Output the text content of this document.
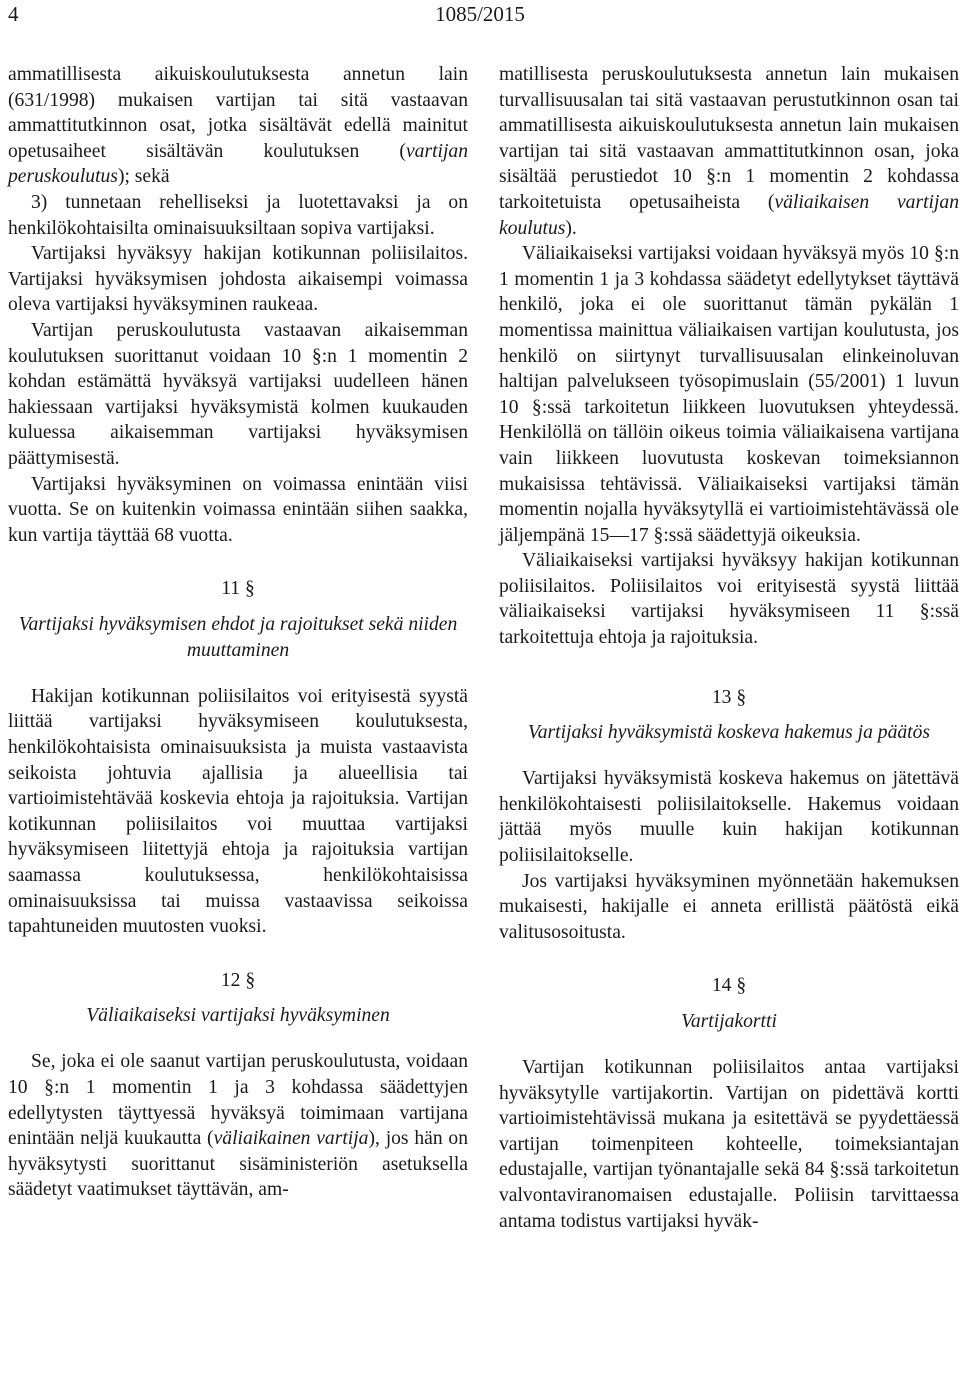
4	1085/2015

ammatillisesta aikuiskoulutuksesta annetun lain (631/1998) mukaisen vartijan tai sitä vastaavan ammattitutkinnon osat, jotka sisältävät edellä mainitut opetusaiheet sisältävän koulutuksen (vartijan peruskoulutus); sekä

3) tunnetaan rehelliseksi ja luotettavaksi ja on henkilökohtaisilta ominaisuuksiltaan sopiva vartijaksi.

Vartijaksi hyväksyy hakijan kotikunnan poliisilaitos. Vartijaksi hyväksymisen johdosta aikaisempi voimassa oleva vartijaksi hyväksyminen raukeaa.

Vartijan peruskoulutusta vastaavan aikaisemman koulutuksen suorittanut voidaan 10 §:n 1 momentin 2 kohdan estämättä hyväksyä vartijaksi uudelleen hänen hakiessaan vartijaksi hyväksymistä kolmen kuukauden kuluessa aikaisemman vartijaksi hyväksymisen päättymisestä.

Vartijaksi hyväksyminen on voimassa enintään viisi vuotta. Se on kuitenkin voimassa enintään siihen saakka, kun vartija täyttää 68 vuotta.

11 §
Vartijaksi hyväksymisen ehdot ja rajoitukset sekä niiden muuttaminen

Hakijan kotikunnan poliisilaitos voi erityisestä syystä liittää vartijaksi hyväksymiseen koulutuksesta, henkilökohtaisista ominaisuuksista ja muista vastaavista seikoista johtuvia ajallisia ja alueellisia tai vartioimistehtävää koskevia ehtoja ja rajoituksia. Vartijan kotikunnan poliisilaitos voi muuttaa vartijaksi hyväksymiseen liitettyjä ehtoja ja rajoituksia vartijan saamassa koulutuksessa, henkilökohtaisissa ominaisuuksissa tai muissa vastaavissa seikoissa tapahtuneiden muutosten vuoksi.

12 §
Väliaikaiseksi vartijaksi hyväksyminen

Se, joka ei ole saanut vartijan peruskoulutusta, voidaan 10 §:n 1 momentin 1 ja 3 kohdassa säädettyjen edellytysten täyttyessä hyväksyä toimimaan vartijana enintään neljä kuukautta (väliaikainen vartija), jos hän on hyväksytysti suorittanut sisäministeriön asetuksella säädetyt vaatimukset täyttävän, am-

matillisesta peruskoulutuksesta annetun lain mukaisen turvallisuusalan tai sitä vastaavan perustutkinnon osan tai ammatillisesta aikuiskoulutuksesta annetun lain mukaisen vartijan tai sitä vastaavan ammattitutkinnon osan, joka sisältää perustiedot 10 §:n 1 momentin 2 kohdassa tarkoitetuista opetusaiheista (väliaikaisen vartijan koulutus).

Väliaikaiseksi vartijaksi voidaan hyväksyä myös 10 §:n 1 momentin 1 ja 3 kohdassa säädetyt edellytykset täyttävä henkilö, joka ei ole suorittanut tämän pykälän 1 momentissa mainittua väliaikaisen vartijan koulutusta, jos henkilö on siirtynyt turvallisuusalan elinkeinoluvan haltijan palvelukseen työsopimuslain (55/2001) 1 luvun 10 §:ssä tarkoitetun liikkeen luovutuksen yhteydessä. Henkilöllä on tällöin oikeus toimia väliaikaisena vartijana vain liikkeen luovutusta koskevan toimeksiannon mukaisissa tehtävissä. Väliaikaiseksi vartijaksi tämän momentin nojalla hyväksytyllä ei vartioimistehtävässä ole jäljempänä 15—17 §:ssä säädettyjä oikeuksia.

Väliaikaiseksi vartijaksi hyväksyy hakijan kotikunnan poliisilaitos. Poliisilaitos voi erityisestä syystä liittää väliaikaiseksi vartijaksi hyväksymiseen 11 §:ssä tarkoitettuja ehtoja ja rajoituksia.

13 §
Vartijaksi hyväksymistä koskeva hakemus ja päätös

Vartijaksi hyväksymistä koskeva hakemus on jätettävä henkilökohtaisesti poliisilaitokselle. Hakemus voidaan jättää myös muulle kuin hakijan kotikunnan poliisilaitokselle.

Jos vartijaksi hyväksyminen myönnetään hakemuksen mukaisesti, hakijalle ei anneta erillistä päätöstä eikä valitusosoitusta.

14 §
Vartijakortti

Vartijan kotikunnan poliisilaitos antaa vartijaksi hyväksytylle vartijakortin. Vartijan on pidettävä kortti vartioimistehtävissä mukana ja esitettävä se pyydettäessä vartijan toimenpiteen kohteelle, toimeksiantajan edustajalle, vartijan työnantajalle sekä 84 §:ssä tarkoitetun valvontaviranomaisen edustajalle. Poliisin tarvittaessa antama todistus vartijaksi hyväk-
